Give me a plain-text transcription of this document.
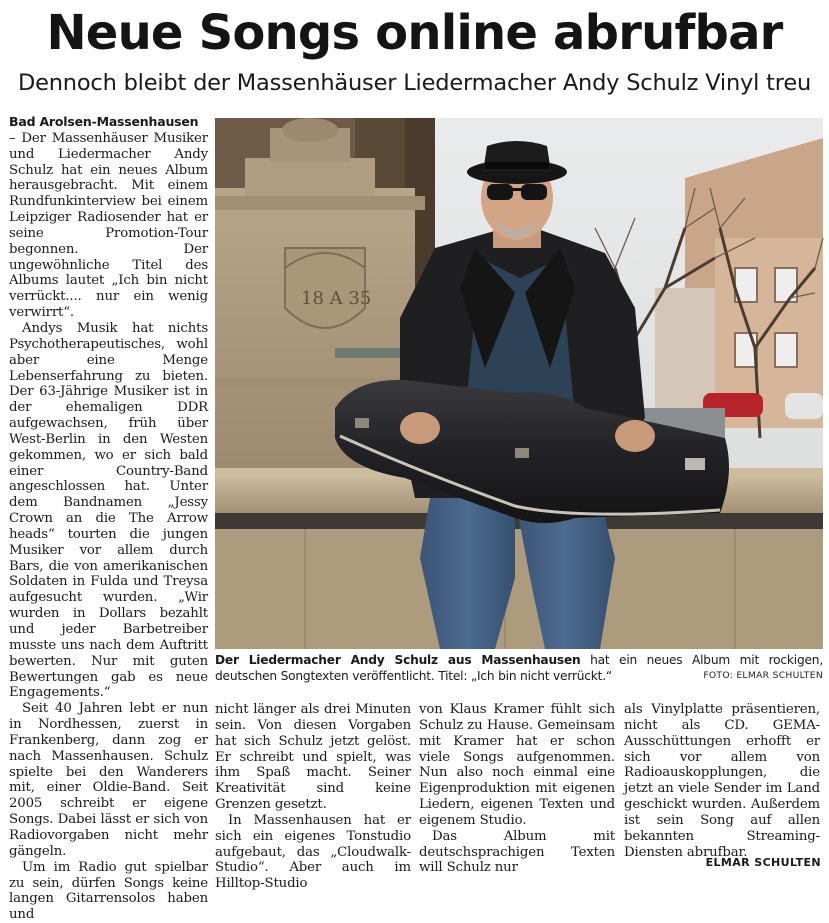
Neue Songs online abrufbar
Dennoch bleibt der Massenhäuser Liedermacher Andy Schulz Vinyl treu

Bad Arolsen-Massenhausen
– Der Massenhäuser Musiker und Liedermacher Andy Schulz hat ein neues Album herausgebracht. Mit einem Rundfunkinterview bei einem Leipziger Radiosender hat er seine Promotion-Tour begonnen. Der ungewöhnliche Titel des Albums lautet „Ich bin nicht verrückt.... nur ein wenig verwirrt“.

Andys Musik hat nichts Psychotherapeutisches, wohl aber eine Menge Lebenserfahrung zu bieten. Der 63-Jährige Musiker ist in der ehemaligen DDR aufgewachsen, früh über West-Berlin in den Westen gekommen, wo er sich bald einer Country-Band angeschlossen hat. Unter dem Bandnamen „Jessy Crown an die The Arrow heads“ tourten die jungen Musiker vor allem durch Bars, die von amerikanischen Soldaten in Fulda und Treysa aufgesucht wurden. „Wir wurden in Dollars bezahlt und jeder Barbetreiber musste uns nach dem Auftritt bewerten. Nur mit guten Bewertungen gab es neue Engagements.“

Seit 40 Jahren lebt er nun in Nordhessen, zuerst in Frankenberg, dann zog er nach Massenhausen. Schulz spielte bei den Wanderers mit, einer Oldie-Band. Seit 2005 schreibt er eigene Songs. Dabei lässt er sich von Radiovorgaben nicht mehr gängeln.

Um im Radio gut spielbar zu sein, dürfen Songs keine langen Gitarrensolos haben und

18 A 35
Der Liedermacher Andy Schulz aus Massenhausen hat ein neues Album mit rockigen, deutschen Songtexten veröffentlicht. Titel: „Ich bin nicht verrückt.“	FOTO: ELMAR SCHULTEN

nicht länger als drei Minuten sein. Von diesen Vorgaben hat sich Schulz jetzt gelöst. Er schreibt und spielt, was ihm Spaß macht. Seiner Kreativität sind keine Grenzen gesetzt.

In Massenhausen hat er sich ein eigenes Tonstudio aufgebaut, das „Cloudwalk-Studio“. Aber auch im Hilltop-Studio

von Klaus Kramer fühlt sich Schulz zu Hause. Gemeinsam mit Kramer hat er schon viele Songs aufgenommen. Nun also noch einmal eine Eigenproduktion mit eigenen Liedern, eigenen Texten und eigenem Studio.

Das Album mit deutschsprachigen Texten will Schulz nur

als Vinylplatte präsentieren, nicht als CD. GEMA-Ausschüttungen erhofft er sich vor allem von Radioauskopplungen, die jetzt an viele Sender im Land geschickt wurden. Außerdem ist sein Song auf allen bekannten Streaming-Diensten abrufbar.

ELMAR SCHULTEN
